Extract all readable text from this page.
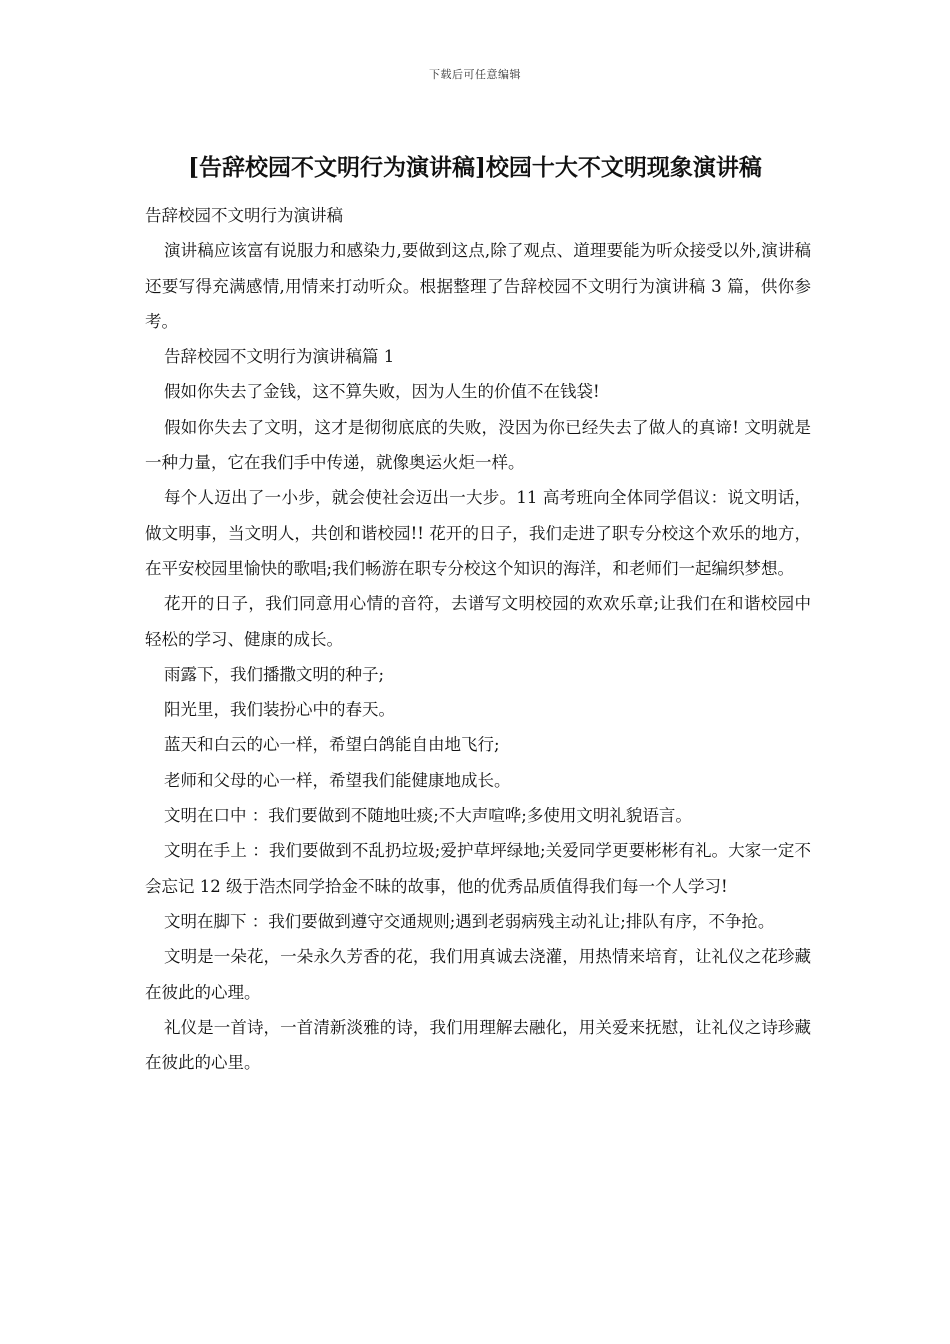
下载后可任意编辑
[告辞校园不文明行为演讲稿]校园十大不文明现象演讲稿

告辞校园不文明行为演讲稿

演讲稿应该富有说服力和感染力,要做到这点,除了观点、道理要能为听众接受以外,演讲稿还要写得充满感情,用情来打动听众。根据整理了告辞校园不文明行为演讲稿 3 篇，供你参考。

告辞校园不文明行为演讲稿篇 1

假如你失去了金钱，这不算失败，因为人生的价值不在钱袋!

假如你失去了文明，这才是彻彻底底的失败，没因为你已经失去了做人的真谛! 文明就是一种力量，它在我们手中传递，就像奥运火炬一样。

每个人迈出了一小步，就会使社会迈出一大步。11 高考班向全体同学倡议：说文明话，做文明事，当文明人，共创和谐校园!! 花开的日子，我们走进了职专分校这个欢乐的地方，在平安校园里愉快的歌唱;我们畅游在职专分校这个知识的海洋，和老师们一起编织梦想。

花开的日子，我们同意用心情的音符，去谱写文明校园的欢欢乐章;让我们在和谐校园中轻松的学习、健康的成长。

雨露下，我们播撒文明的种子;

阳光里，我们装扮心中的春天。

蓝天和白云的心一样，希望白鸽能自由地飞行;

老师和父母的心一样，希望我们能健康地成长。

文明在口中 ：我们要做到不随地吐痰;不大声喧哗;多使用文明礼貌语言。

文明在手上 ：我们要做到不乱扔垃圾;爱护草坪绿地;关爱同学更要彬彬有礼。大家一定不会忘记 12 级于浩杰同学拾金不昧的故事，他的优秀品质值得我们每一个人学习!

文明在脚下 ：我们要做到遵守交通规则;遇到老弱病残主动礼让;排队有序，不争抢。

文明是一朵花，一朵永久芳香的花，我们用真诚去浇灌，用热情来培育，让礼仪之花珍藏在彼此的心理。

礼仪是一首诗，一首清新淡雅的诗，我们用理解去融化，用关爱来抚慰，让礼仪之诗珍藏在彼此的心里。
